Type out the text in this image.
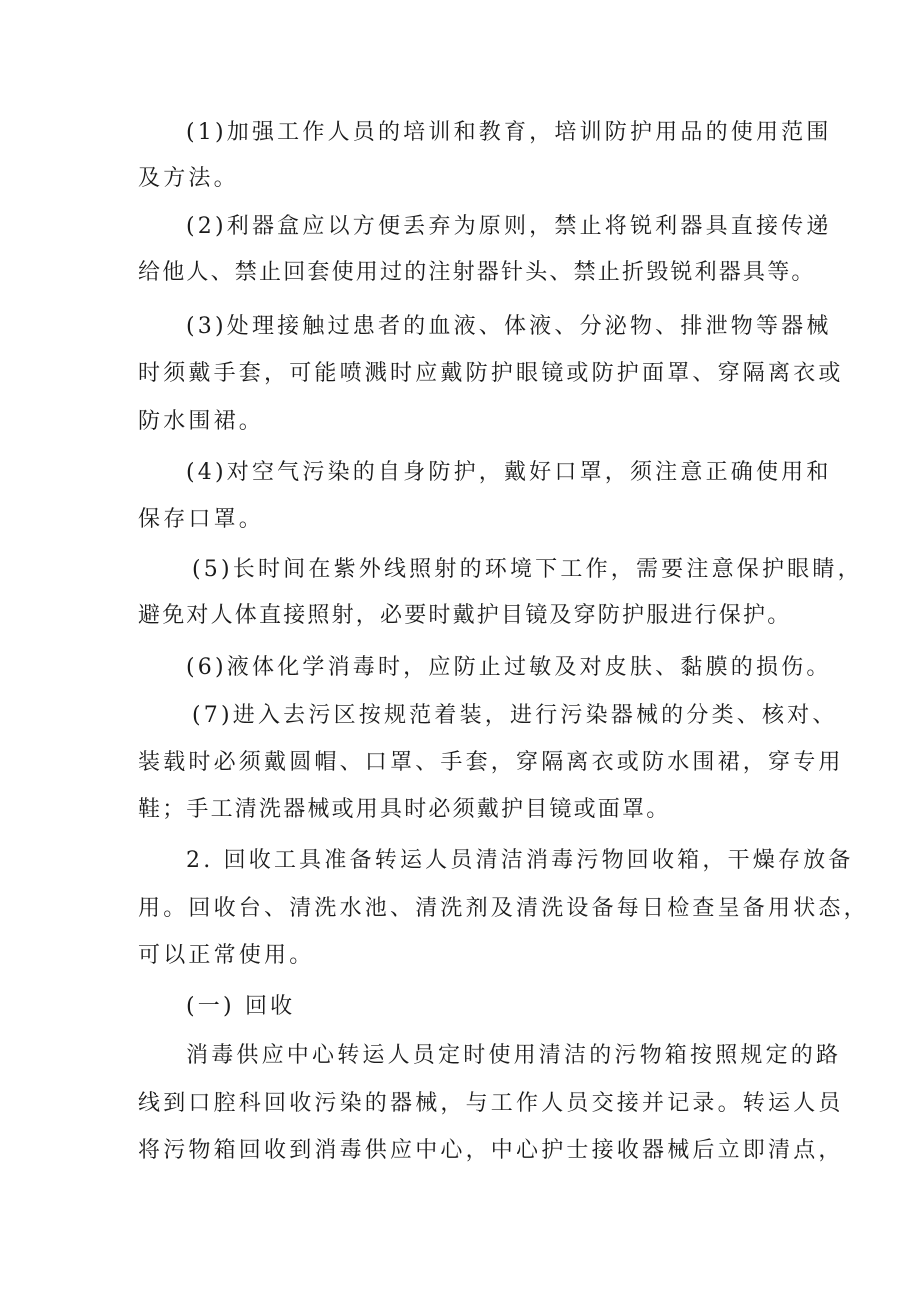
(1)加强工作人员的培训和教育，培训防护用品的使用范围
及方法。
(2)利器盒应以方便丢弃为原则，禁止将锐利器具直接传递
给他人、禁止回套使用过的注射器针头、禁止折毁锐利器具等。
(3)处理接触过患者的血液、体液、分泌物、排泄物等器械
时须戴手套，可能喷溅时应戴防护眼镜或防护面罩、穿隔离衣或
防水围裙。
(4)对空气污染的自身防护，戴好口罩，须注意正确使用和
保存口罩。
(5)长时间在紫外线照射的环境下工作，需要注意保护眼睛，
避免对人体直接照射，必要时戴护目镜及穿防护服进行保护。
(6)液体化学消毒时，应防止过敏及对皮肤、黏膜的损伤。
(7)进入去污区按规范着装，进行污染器械的分类、核对、
装载时必须戴圆帽、口罩、手套，穿隔离衣或防水围裙，穿专用
鞋；手工清洗器械或用具时必须戴护目镜或面罩。
2. 回收工具准备转运人员清洁消毒污物回收箱，干燥存放备
用。回收台、清洗水池、清洗剂及清洗设备每日检查呈备用状态，
可以正常使用。
(一) 回收
消毒供应中心转运人员定时使用清洁的污物箱按照规定的路
线到口腔科回收污染的器械，与工作人员交接并记录。转运人员
将污物箱回收到消毒供应中心，中心护士接收器械后立即清点，
